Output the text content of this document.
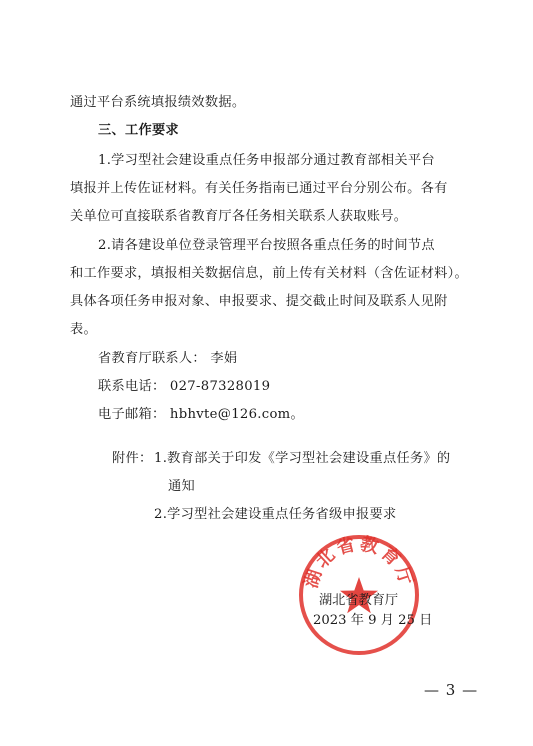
通过平台系统填报绩效数据。
三、工作要求
1.学习型社会建设重点任务申报部分通过教育部相关平台
填报并上传佐证材料。有关任务指南已通过平台分别公布。各有
关单位可直接联系省教育厅各任务相关联系人获取账号。
2.请各建设单位登录管理平台按照各重点任务的时间节点
和工作要求，填报相关数据信息，前上传有关材料（含佐证材料）。
具体各项任务申报对象、申报要求、提交截止时间及联系人见附
表。
省教育厅联系人： 李娟
联系电话： 027-87328019
电子邮箱： hbhvte@126.com。
附件： 1.教育部关于印发《学习型社会建设重点任务》的
通知
2.学习型社会建设重点任务省级申报要求
湖北省教育厅
湖北省教育厅
2023 年 9 月 25 日
— 3 —
